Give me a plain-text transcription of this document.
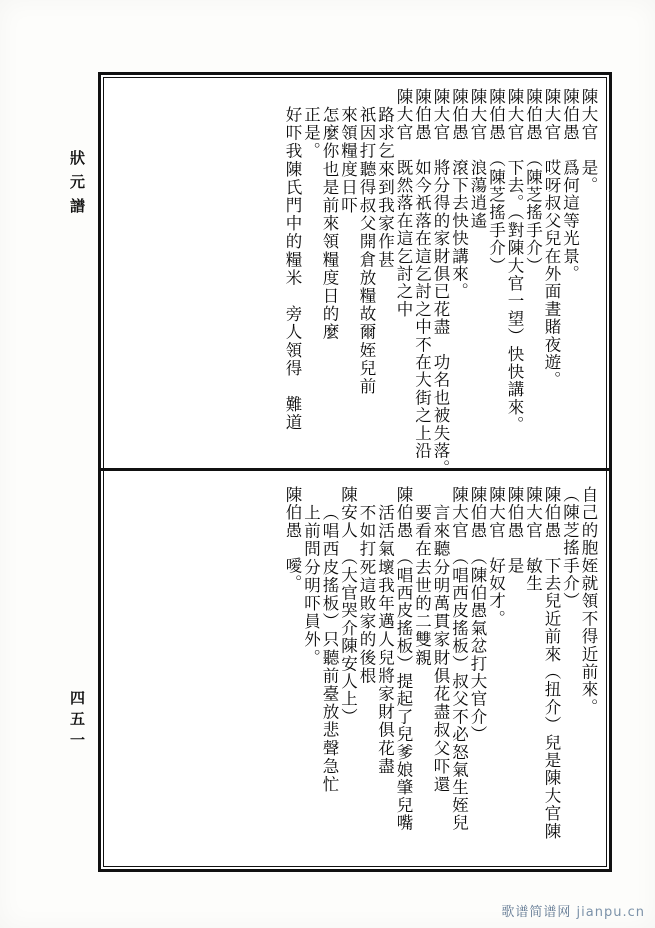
狀元譜
四五一
陳大官　是。
陳伯愚　爲何這等光景。
陳大官　哎呀叔父兒在外面晝賭夜遊。
陳伯愚　（陳芝搖手介）
陳大官　下去。（對陳大官一望）快快講來。
陳伯愚　（陳芝搖手介）
陳大官　浪蕩逍遙
陳伯愚　滾下去快快講來。
陳大官　將分得的家財俱已花盡　功名也被失落。
陳伯愚　如今祇落在這乞討之中不在大街之上沿
陳大官　既然落在這乞討之中
路求乞來到我家作甚
祇因打聽得叔父開倉放糧故爾姪兒前
來領糧度日吓
怎麼你也是前來領糧度日的麼
正是。
好吓我陳氏門中的糧米　旁人領得　難道
自己的胞姪就領不得近前來。
（陳芝搖手介）
陳伯愚　下去兒近前來（扭介）兒是陳大官陳
陳大官　敏生
陳伯愚　是
陳大官　好奴才。
陳伯愚　（陳伯愚氣忿打大官介）
陳大官　（唱西皮搖板）叔父不必怒氣生姪兒
言來聽分明萬貫家財俱花盡叔父吓還
要看在去世的二雙親
陳伯愚　（唱西皮搖板）提起了兒爹娘肇兒嘴
活活氣壞我年邁人兒將家財俱花盡
不如打死這敗家的後根
陳安人　（大官哭介陳安人上）
（唱西皮搖板）只聽前臺放悲聲急忙
上前問分明吓員外。
陳伯愚　噯。
歌谱简谱网 jianpu.cn
